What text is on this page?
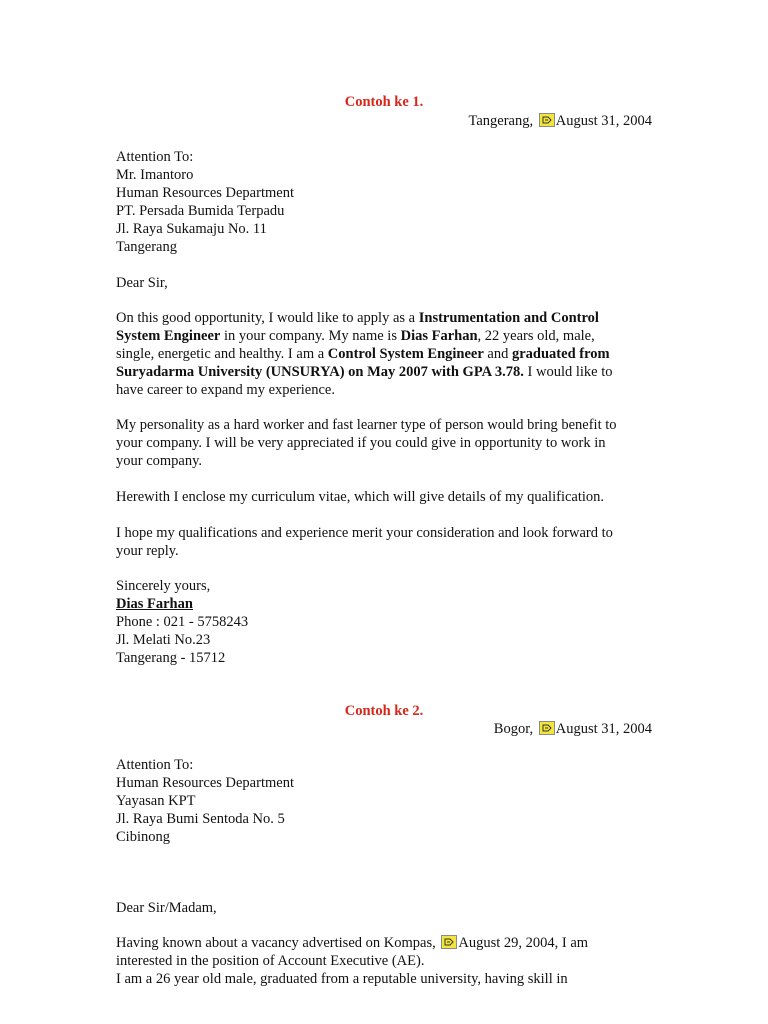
Contoh ke 1.
Tangerang, August 31, 2004
Attention To:
Mr. Imantoro
Human Resources Department
PT. Persada Bumida Terpadu
Jl. Raya Sukamaju No. 11
Tangerang
Dear Sir,
On this good opportunity, I would like to apply as a Instrumentation and Control
System Engineer in your company. My name is Dias Farhan, 22 years old, male,
single, energetic and healthy. I am a Control System Engineer and graduated from
Suryadarma University (UNSURYA) on May 2007 with GPA 3.78. I would like to
have career to expand my experience.
My personality as a hard worker and fast learner type of person would bring benefit to
your company. I will be very appreciated if you could give in opportunity to work in
your company.
Herewith I enclose my curriculum vitae, which will give details of my qualification.
I hope my qualifications and experience merit your consideration and look forward to
your reply.
Sincerely yours,
Dias Farhan
Phone : 021 - 5758243
Jl. Melati No.23
Tangerang - 15712
Contoh ke 2.
Bogor, August 31, 2004
Attention To:
Human Resources Department
Yayasan KPT
Jl. Raya Bumi Sentoda No. 5
Cibinong
Dear Sir/Madam,
Having known about a vacancy advertised on Kompas, August 29, 2004, I am
interested in the position of Account Executive (AE).
I am a 26 year old male, graduated from a reputable university, having skill in
